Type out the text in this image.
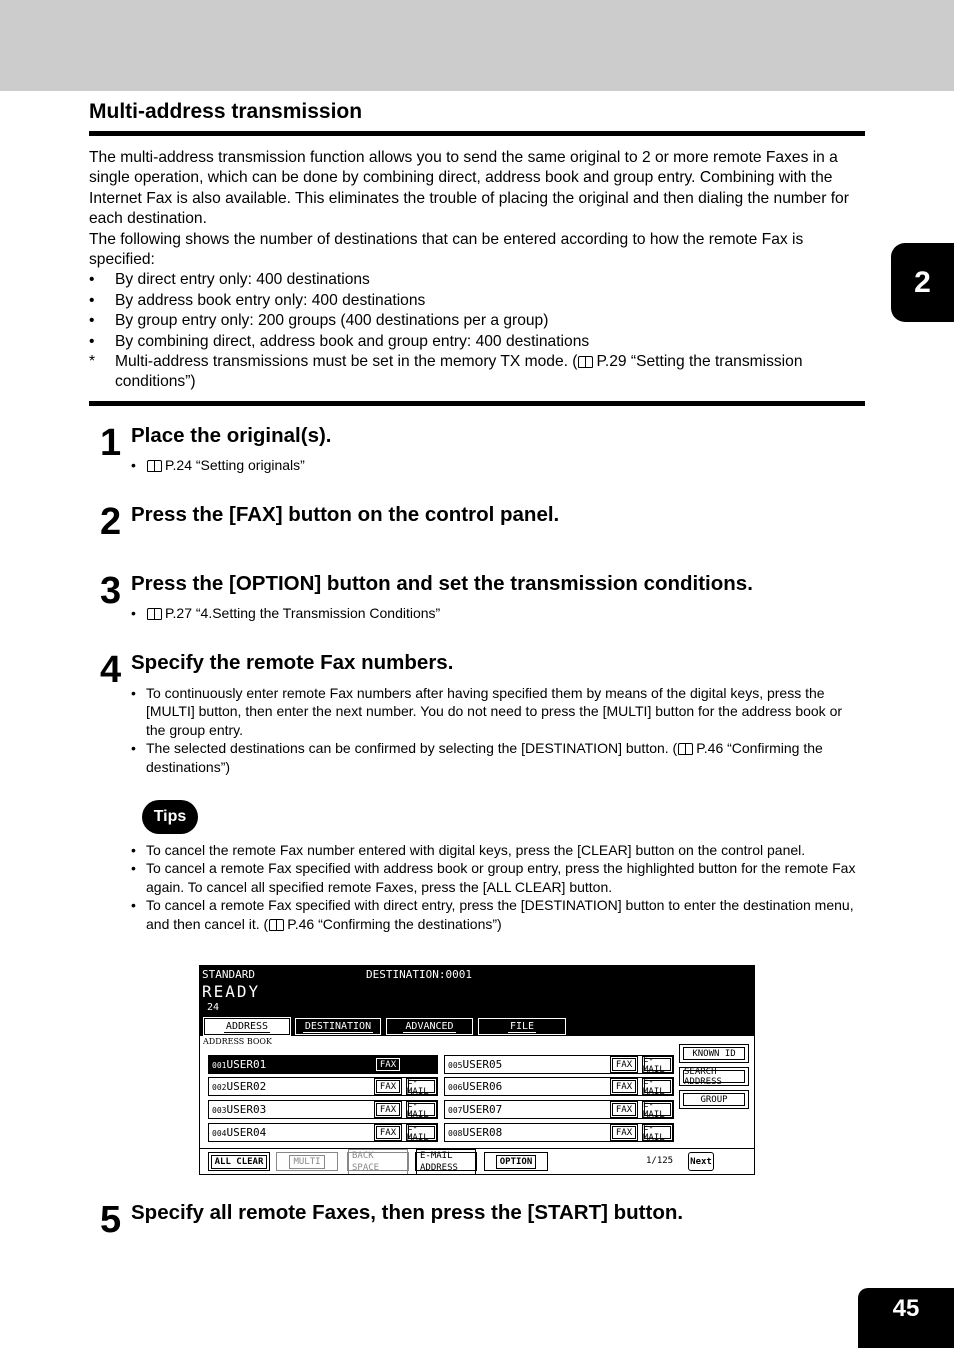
2
Multi-address transmission

The multi-address transmission function allows you to send the same original to 2 or more remote Faxes in a single operation, which can be done by combining direct, address book and group entry. Combining with the Internet Fax is also available. This eliminates the trouble of placing the original and then dialing the number for each destination.

The following shows the number of destinations that can be entered according to how the remote Fax is specified:

• By direct entry only: 400 destinations
• By address book entry only: 400 destinations
• By group entry only: 200 groups (400 destinations per a group)
• By combining direct, address book and group entry: 400 destinations
* Multi-address transmissions must be set in the memory TX mode. ( P.29 “Setting the transmission conditions”)
1 Place the original(s).
• P.24 “Setting originals”
2 Press the [FAX] button on the control panel.
3 Press the [OPTION] button and set the transmission conditions.
• P.27 “4.Setting the Transmission Conditions”
4 Specify the remote Fax numbers.
• To continuously enter remote Fax numbers after having specified them by means of the digital keys, press the [MULTI] button, then enter the next number. You do not need to press the [MULTI] button for the address book or the group entry.
• The selected destinations can be confirmed by selecting the [DESTINATION] button. ( P.46 “Confirming the destinations”)
Tips
• To cancel the remote Fax number entered with digital keys, press the [CLEAR] button on the control panel.
• To cancel a remote Fax specified with address book or group entry, press the highlighted button for the remote Fax again. To cancel all specified remote Faxes, press the [ALL CLEAR] button.
• To cancel a remote Fax specified with direct entry, press the [DESTINATION] button to enter the destination menu, and then cancel it. ( P.46 “Confirming the destinations”)
STANDARD	DESTINATION:0001
READY
24
ADDRESS	DESTINATION	ADVANCED	FILE
ADDRESS BOOK
001USER01	FAX
002USER02	FAX E-MAIL
003USER03	FAX E-MAIL
004USER04	FAX E-MAIL
005USER05	FAX E-MAIL
006USER06	FAX E-MAIL
007USER07	FAX E-MAIL
008USER08	FAX E-MAIL
KNOWN ID
SEARCH ADDRESS
GROUP
ALL CLEAR	MULTI
BACK SPACE
E-MAIL ADDRESS
OPTION	1/125 Next
5 Specify all remote Faxes, then press the [START] button.
45
